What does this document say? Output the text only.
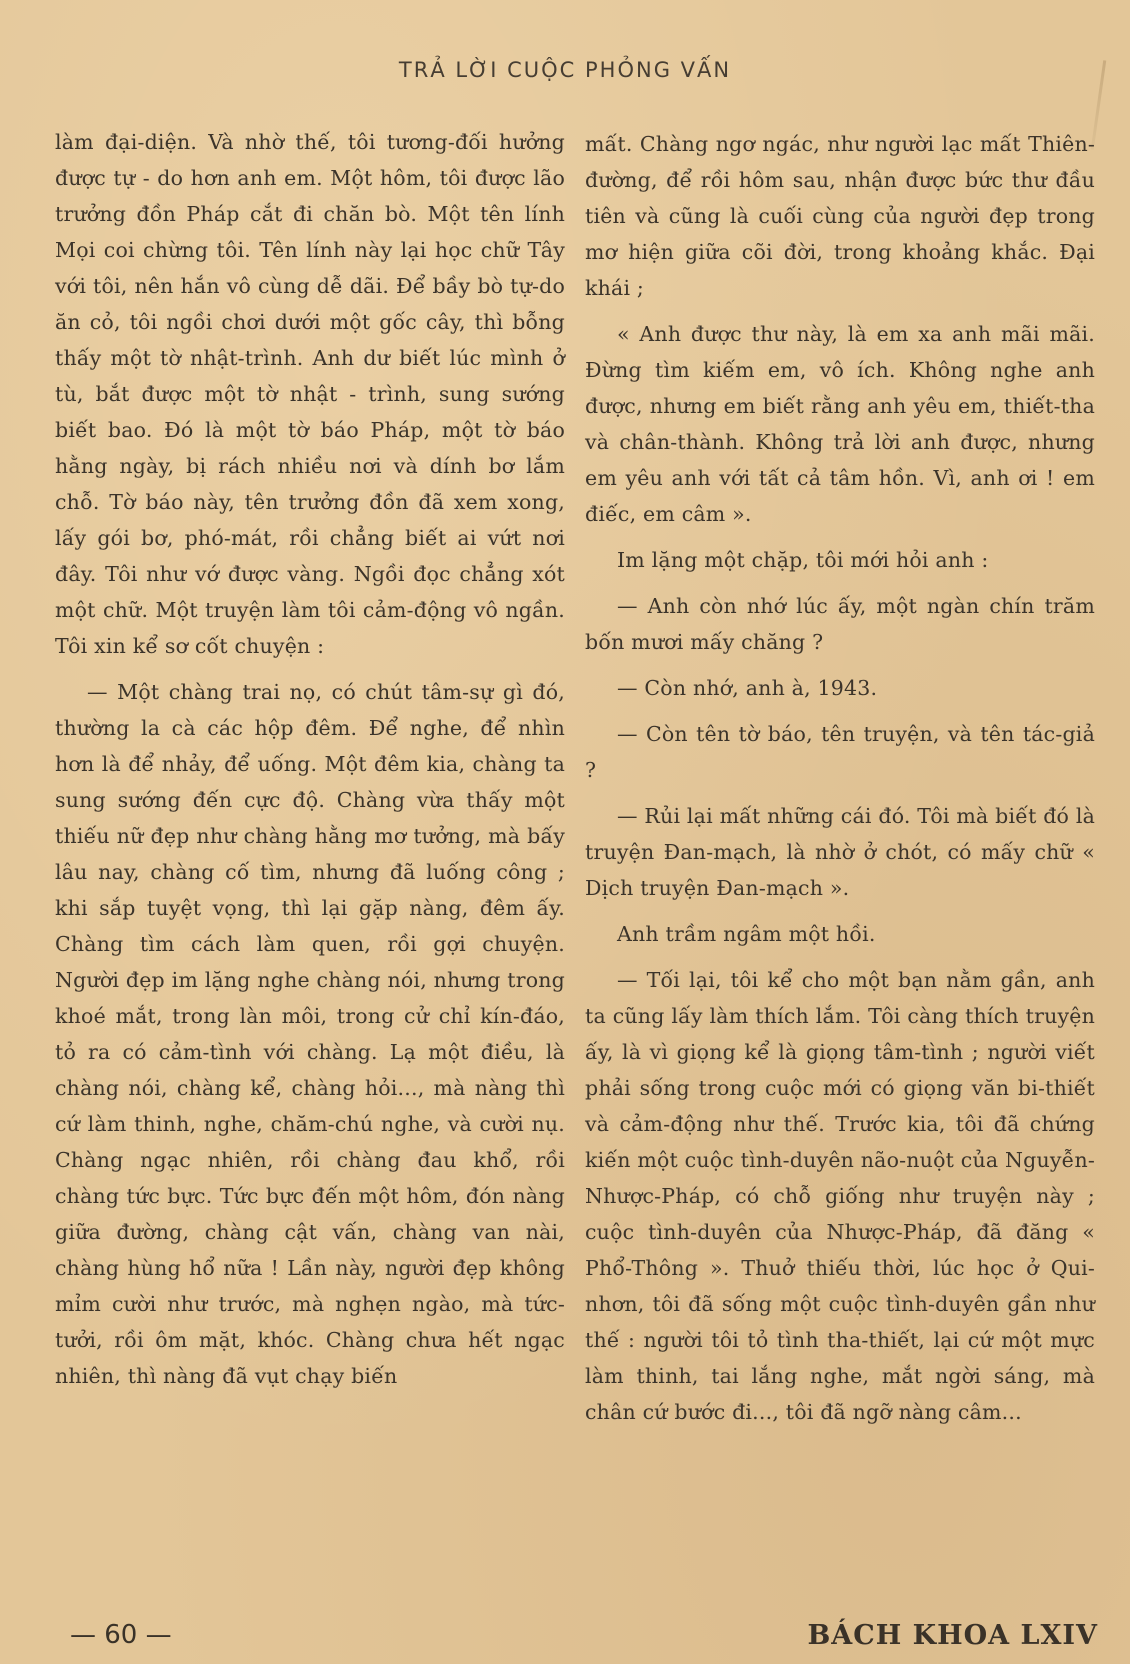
TRẢ LỜI CUỘC PHỎNG VẤN

làm đại-diện. Và nhờ thế, tôi tương-đối hưởng được tự - do hơn anh em. Một hôm, tôi được lão trưởng đồn Pháp cắt đi chăn bò. Một tên lính Mọi coi chừng tôi. Tên lính này lại học chữ Tây với tôi, nên hắn vô cùng dễ dãi. Để bầy bò tự-do ăn cỏ, tôi ngồi chơi dưới một gốc cây, thì bỗng thấy một tờ nhật-trình. Anh dư biết lúc mình ở tù, bắt được một tờ nhật - trình, sung sướng biết bao. Đó là một tờ báo Pháp, một tờ báo hằng ngày, bị rách nhiều nơi và dính bơ lắm chỗ. Tờ báo này, tên trưởng đồn đã xem xong, lấy gói bơ, phó-mát, rồi chẳng biết ai vứt nơi đây. Tôi như vớ được vàng. Ngồi đọc chẳng xót một chữ. Một truyện làm tôi cảm-động vô ngần. Tôi xin kể sơ cốt chuyện :

— Một chàng trai nọ, có chút tâm-sự gì đó, thường la cà các hộp đêm. Để nghe, để nhìn hơn là để nhảy, để uống. Một đêm kia, chàng ta sung sướng đến cực độ. Chàng vừa thấy một thiếu nữ đẹp như chàng hằng mơ tưởng, mà bấy lâu nay, chàng cố tìm, nhưng đã luống công ; khi sắp tuyệt vọng, thì lại gặp nàng, đêm ấy. Chàng tìm cách làm quen, rồi gợi chuyện. Người đẹp im lặng nghe chàng nói, nhưng trong khoé mắt, trong làn môi, trong cử chỉ kín-đáo, tỏ ra có cảm-tình với chàng. Lạ một điều, là chàng nói, chàng kể, chàng hỏi..., mà nàng thì cứ làm thinh, nghe, chăm-chú nghe, và cười nụ. Chàng ngạc nhiên, rồi chàng đau khổ, rồi chàng tức bực. Tức bực đến một hôm, đón nàng giữa đường, chàng cật vấn, chàng van nài, chàng hùng hổ nữa ! Lần này, người đẹp không mỉm cười như trước, mà nghẹn ngào, mà tức-tưởi, rồi ôm mặt, khóc. Chàng chưa hết ngạc nhiên, thì nàng đã vụt chạy biến

mất. Chàng ngơ ngác, như người lạc mất Thiên-đường, để rồi hôm sau, nhận được bức thư đầu tiên và cũng là cuối cùng của người đẹp trong mơ hiện giữa cõi đời, trong khoảng khắc. Đại khái ;

« Anh được thư này, là em xa anh mãi mãi. Đừng tìm kiếm em, vô ích. Không nghe anh được, nhưng em biết rằng anh yêu em, thiết-tha và chân-thành. Không trả lời anh được, nhưng em yêu anh với tất cả tâm hồn. Vì, anh ơi ! em điếc, em câm ».

Im lặng một chặp, tôi mới hỏi anh :

— Anh còn nhớ lúc ấy, một ngàn chín trăm bốn mươi mấy chăng ?

— Còn nhớ, anh à, 1943.

— Còn tên tờ báo, tên truyện, và tên tác-giả ?

— Rủi lại mất những cái đó. Tôi mà biết đó là truyện Đan-mạch, là nhờ ở chót, có mấy chữ « Dịch truyện Đan-mạch ».

Anh trầm ngâm một hồi.

— Tối lại, tôi kể cho một bạn nằm gần, anh ta cũng lấy làm thích lắm. Tôi càng thích truyện ấy, là vì giọng kể là giọng tâm-tình ; người viết phải sống trong cuộc mới có giọng văn bi-thiết và cảm-động như thế. Trước kia, tôi đã chứng kiến một cuộc tình-duyên não-nuột của Nguyễn-Nhược-Pháp, có chỗ giống như truyện này ; cuộc tình-duyên của Nhược-Pháp, đã đăng « Phổ-Thông ». Thuở thiếu thời, lúc học ở Qui-nhơn, tôi đã sống một cuộc tình-duyên gần như thế : người tôi tỏ tình tha-thiết, lại cứ một mực làm thinh, tai lắng nghe, mắt ngời sáng, mà chân cứ bước đi..., tôi đã ngỡ nàng câm...

— 60 —	BÁCH KHOA LXIV
